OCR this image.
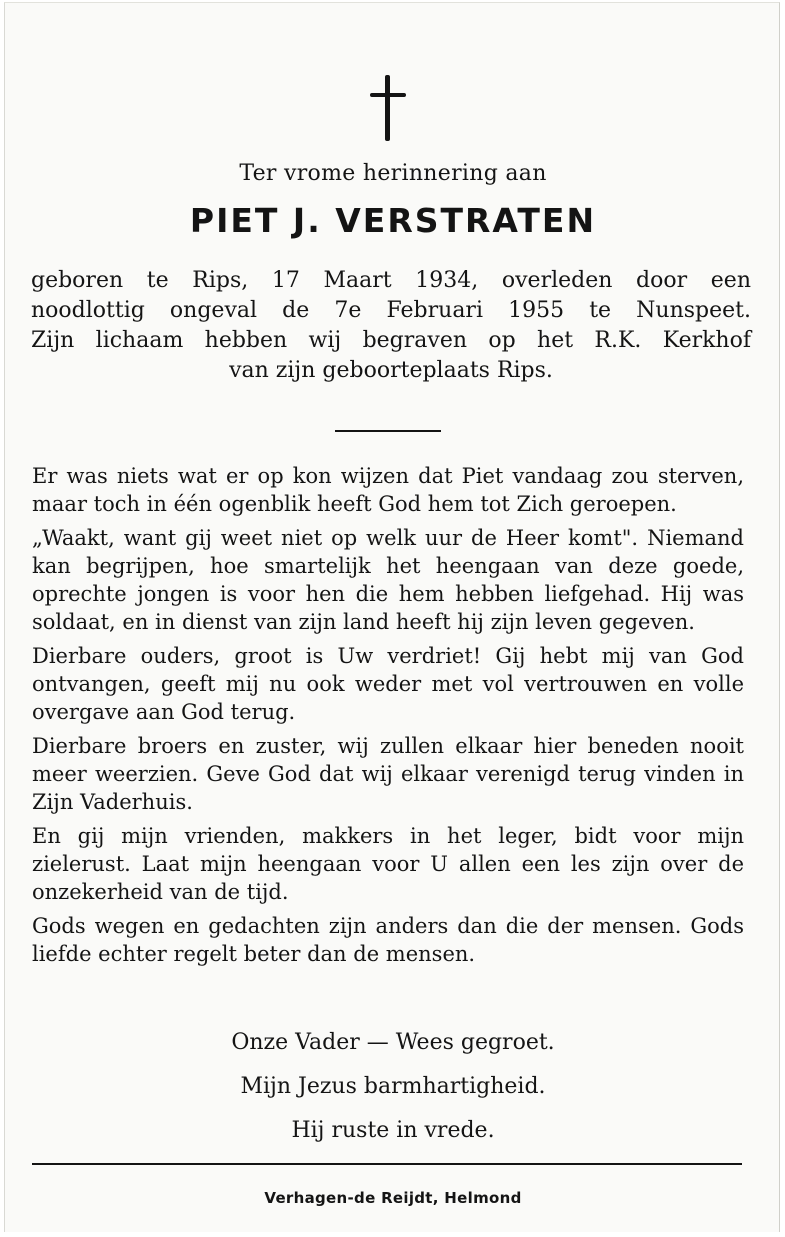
Ter vrome herinnering aan
PIET J. VERSTRATEN
geboren te Rips, 17 Maart 1934, overleden door een
noodlottig ongeval de 7e Februari 1955 te Nunspeet.
Zijn lichaam hebben wij begraven op het R.K. Kerkhof
van zijn geboorteplaats Rips.

Er was niets wat er op kon wijzen dat Piet vandaag zou sterven, maar toch in één ogenblik heeft God hem tot Zich geroepen.

„Waakt, want gij weet niet op welk uur de Heer komt". Niemand kan begrijpen, hoe smartelijk het heengaan van deze goede, oprechte jongen is voor hen die hem hebben liefgehad. Hij was soldaat, en in dienst van zijn land heeft hij zijn leven gegeven.

Dierbare ouders, groot is Uw verdriet! Gij hebt mij van God ontvangen, geeft mij nu ook weder met vol vertrouwen en volle overgave aan God terug.

Dierbare broers en zuster, wij zullen elkaar hier beneden nooit meer weerzien. Geve God dat wij elkaar verenigd terug vinden in Zijn Vaderhuis.

En gij mijn vrienden, makkers in het leger, bidt voor mijn zielerust. Laat mijn heengaan voor U allen een les zijn over de onzekerheid van de tijd.

Gods wegen en gedachten zijn anders dan die der mensen. Gods liefde echter regelt beter dan de mensen.

Onze Vader — Wees gegroet.
Mijn Jezus barmhartigheid.
Hij ruste in vrede.
Verhagen-de Reijdt, Helmond
